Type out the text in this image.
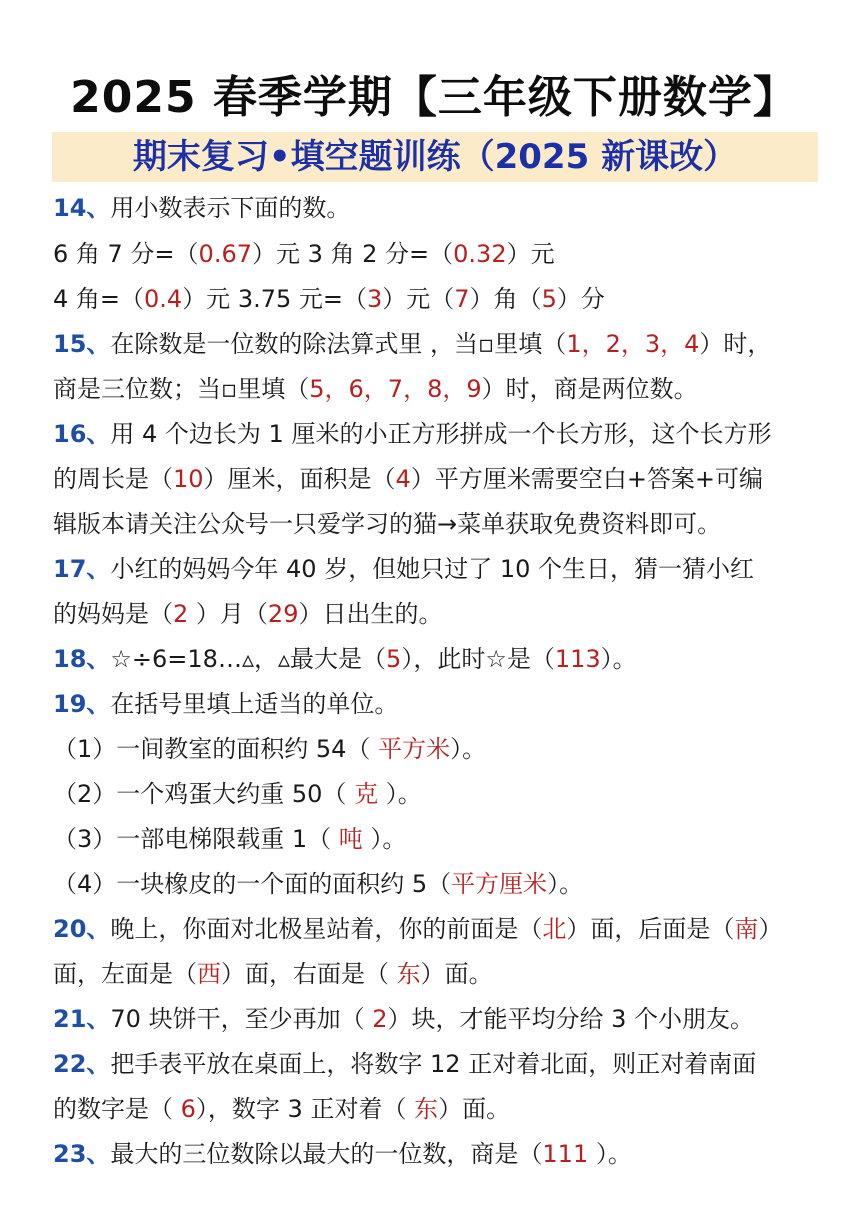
2025 春季学期【三年级下册数学】
期末复习•填空题训练（2025 新课改）
14、用小数表示下面的数。
6 角 7 分=（0.67）元 3 角 2 分=（0.32）元
4 角=（0.4）元 3.75 元=（3）元（7）角（5）分
15、在除数是一位数的除法算式里 ，当▫里填（1，2，3，4）时，
商是三位数；当▫里填（5，6，7，8，9）时，商是两位数。
16、用 4 个边长为 1 厘米的小正方形拼成一个长方形，这个长方形
的周长是（10）厘米，面积是（4）平方厘米需要空白+答案+可编
辑版本请关注公众号一只爱学习的猫→菜单获取免费资料即可。
17、小红的妈妈今年 40 岁，但她只过了 10 个生日，猜一猜小红
的妈妈是（2 ）月（29）日出生的。
18、☆÷6=18…▵，▵最大是（5），此时☆是（113）。
19、在括号里填上适当的单位。
（1）一间教室的面积约 54（ 平方米）。
（2）一个鸡蛋大约重 50（ 克 ）。
（3）一部电梯限载重 1（ 吨 ）。
（4）一块橡皮的一个面的面积约 5（平方厘米）。
20、晚上，你面对北极星站着，你的前面是（北）面，后面是（南）
面，左面是（西）面，右面是（ 东）面。
21、70 块饼干，至少再加（ 2）块，才能平均分给 3 个小朋友。
22、把手表平放在桌面上，将数字 12 正对着北面，则正对着南面
的数字是（ 6），数字 3 正对着（ 东）面。
23、最大的三位数除以最大的一位数，商是（111 ）。
